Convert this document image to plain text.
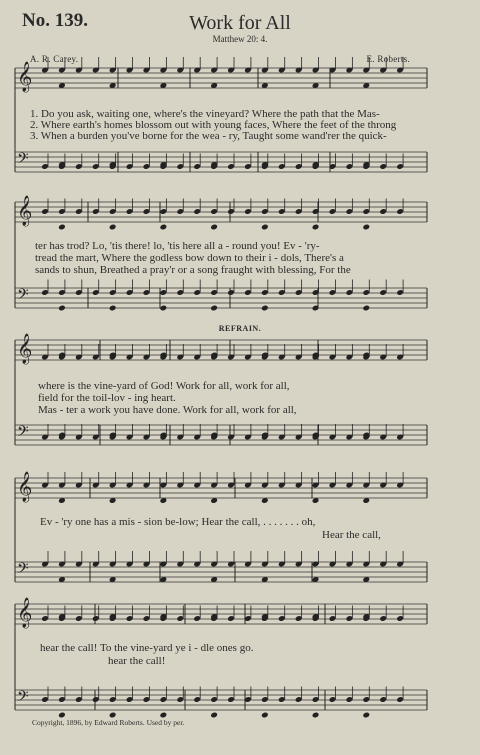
𝄞
𝄢
𝄞
𝄢
𝄞
𝄢
𝄞
𝄢
𝄞
𝄢
No. 139.	Work for All
Matthew 20: 4.
A. R. Carey.	E. Roberts.
1. Do you ask, waiting one, where's the vineyard? Where the path that the Mas-
2. Where earth's homes blossom out with young faces, Where the feet of the throng
3. When a burden you've borne for the wea - ry, Taught some wand'rer the quick-
ter has trod? Lo, 'tis there! lo, 'tis here all a - round you! Ev - 'ry-
tread the mart, Where the godless bow down to their i - dols, There's a
sands to shun, Breathed a pray'r or a song fraught with blessing, For the
REFRAIN.
where is the vine-yard of God! Work for all, work for all,
field for the toil-lov - ing heart.
Mas - ter a work you have done. Work for all, work for all,
Ev - 'ry one has a mis - sion be-low; Hear the call, . . . . . . . oh,
Hear the call,
hear the call! To the vine-yard ye i - dle ones go.
hear the call!
Copyright, 1896, by Edward Roberts. Used by per.
